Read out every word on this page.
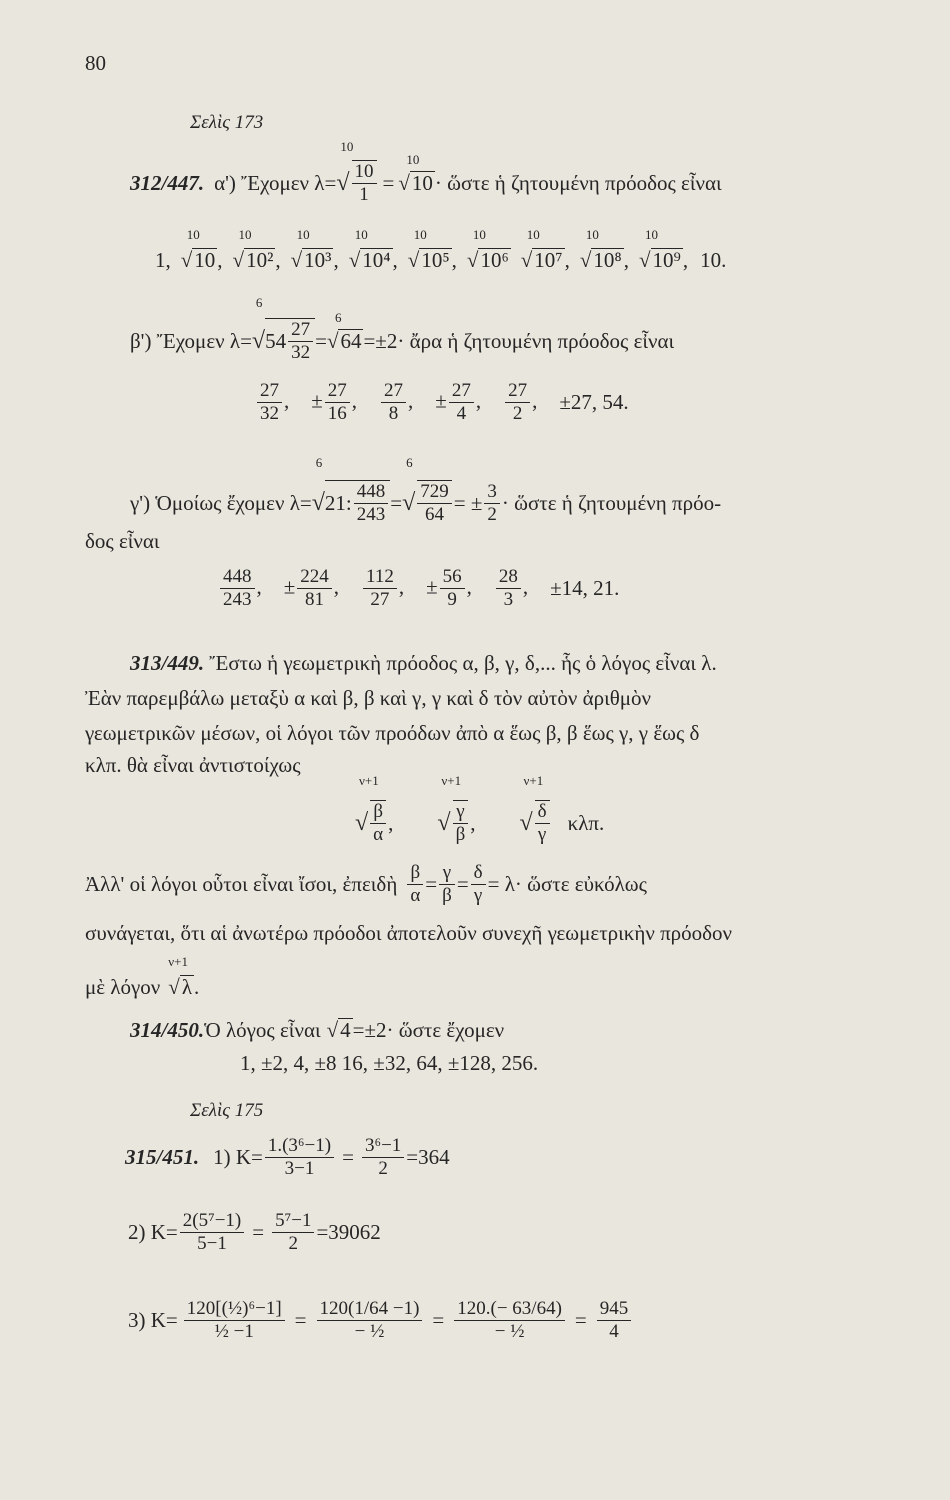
80
Σελὶς 173
312/447. α') Ἔχομεν λ=
10
√ $\frac{10}{1}$ =
10
√10 · ὥστε ἡ ζητουμένη πρόοδος εἶναι
1,
10
√10,
10
√10²,
10
√10³,
10
√10⁴,
10
√10⁵,
10
√10⁶
10
√10⁷,
10
√10⁸,
10
√10⁹, 10.
β') Ἔχομεν λ=
6
√ $54 \frac{27}{32}$ =
6
√64 =±2· ἄρα ἡ ζητουμένη πρόοδος εἶναι
$\frac{27}{32}$ , ± $\frac{27}{16}$ , $\frac{27}{8}$ , ± $\frac{27}{4}$ , $\frac{27}{2}$ , ±27, 54.
γ') Ὁμοίως ἔχομεν λ=
6
√ 21: $\frac{448}{243}$ =
6
√ $\frac{729}{64}$ = ± $\frac{3}{2}$ · ὥστε ἡ ζητουμένη πρόο-
δος εἶναι
$\frac{448}{243}$ , ± $\frac{224}{81}$ , $\frac{112}{27}$ , ± $\frac{56}{9}$ , $\frac{28}{3}$ , ±14, 21.
313/449. Ἔστω ἡ γεωμετρικὴ πρόοδος α, β, γ, δ,... ἧς ὁ λόγος εἶναι λ.
Ἐὰν παρεμβάλω μεταξὺ α καὶ β, β καὶ γ, γ καὶ δ τὸν αὐτὸν ἀριθμὸν
γεωμετρικῶν μέσων, οἱ λόγοι τῶν προόδων ἀπὸ α ἕως β, β ἕως γ, γ ἕως δ
κλπ. θὰ εἶναι ἀντιστοίχως
ν+1
√ $\frac{\beta}{\alpha}$ ,
ν+1
√ $\frac{\gamma}{\beta}$ ,
ν+1
√ $\frac{\delta}{\gamma} \kappa\lambda\pi$.
Ἀλλ' οἱ λόγοι οὗτοι εἶναι ἴσοι, ἐπειδὴ $\frac{\beta}{\alpha} = \frac{\gamma}{\beta} = \frac{\delta}{\gamma} = \lambda\cdot$ ὥστε εὐκόλως
συνάγεται, ὅτι αἱ ἀνωτέρω πρόοδοι ἀποτελοῦν συνεχῆ γεωμετρικὴν πρόοδον
μὲ λόγον
ν+1
√λ.
314/450. Ὁ λόγος εἶναι √4 =±2· ὥστε ἔχομεν
1, ±2, 4, ±8 16, ±32, 64, ±128, 256.
Σελὶς 175
315/451. 1) $K= \frac{\text{1.(3⁶−1)}}{3-1} = \frac{\text{3⁶−1}}{2} =364$
2) $K= \frac{\text{2(5⁷−1)}}{5-1} = \frac{\text{5⁷−1}}{2} =39062$
3) $K= \frac{\text{120[(½)⁶−1]}}{\text{½ −1}} = \frac{120(1/64 -1)}{\text{− ½}} = \frac{120.(- 63/64)}{\text{− ½}} = \frac{945}{4}$
